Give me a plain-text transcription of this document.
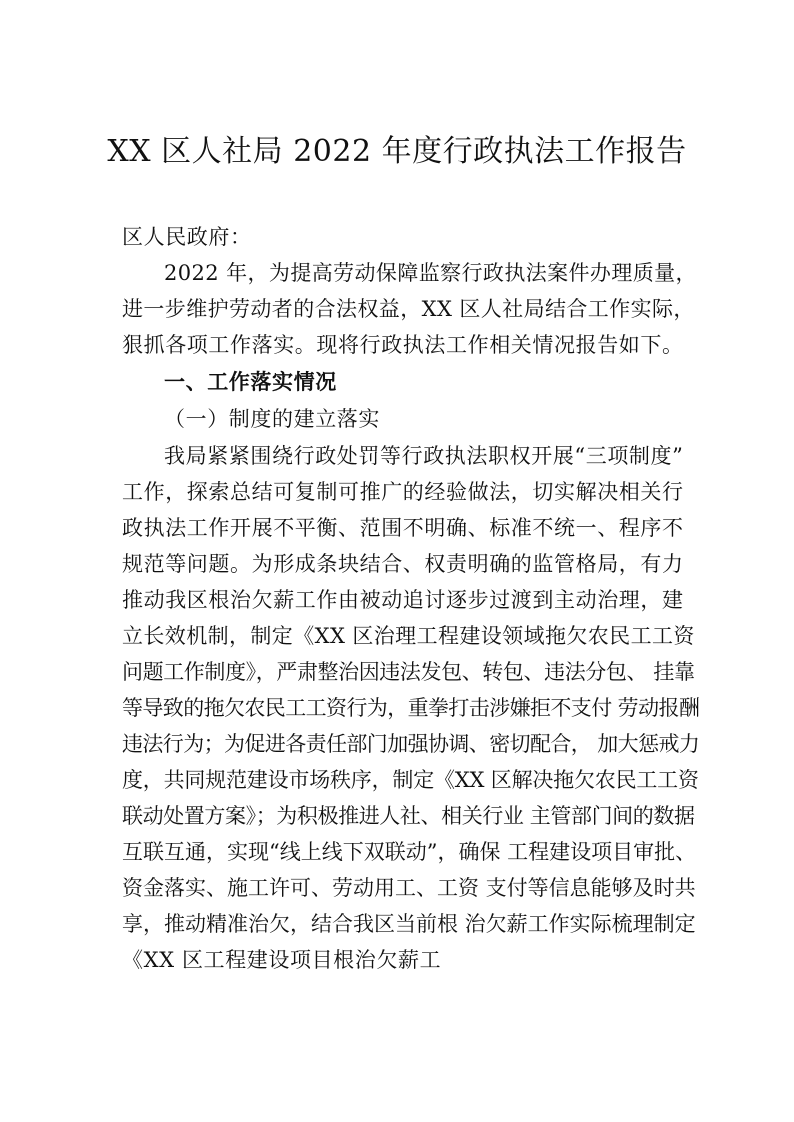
XX 区人社局 2022 年度行政执法工作报告
区人民政府：
2022 年，为提高劳动保障监察行政执法案件办理质量，
进一步维护劳动者的合法权益，XX 区人社局结合工作实际，
狠抓各项工作落实。现将行政执法工作相关情况报告如下。
一、工作落实情况
（一）制度的建立落实
我局紧紧围绕行政处罚等行政执法职权开展“三项制度”
工作，探索总结可复制可推广的经验做法，切实解决相关行
政执法工作开展不平衡、范围不明确、标准不统一、程序不
规范等问题。为形成条块结合、权责明确的监管格局，有力
推动我区根治欠薪工作由被动追讨逐步过渡到主动治理，建
立长效机制，制定《XX 区治理工程建设领域拖欠农民工工资
问题工作制度》，严肃整治因违法发包、转包、违法分包、 挂靠
等导致的拖欠农民工工资行为，重拳打击涉嫌拒不支付 劳动报酬
违法行为；为促进各责任部门加强协调、密切配合， 加大惩戒力
度，共同规范建设市场秩序，制定《XX 区解决拖欠农民工工资
联动处置方案》；为积极推进人社、相关行业 主管部门间的数据
互联互通，实现“线上线下双联动”，确保 工程建设项目审批、
资金落实、施工许可、劳动用工、工资 支付等信息能够及时共
享，推动精准治欠，结合我区当前根 治欠薪工作实际梳理制定
《XX 区工程建设项目根治欠薪工
